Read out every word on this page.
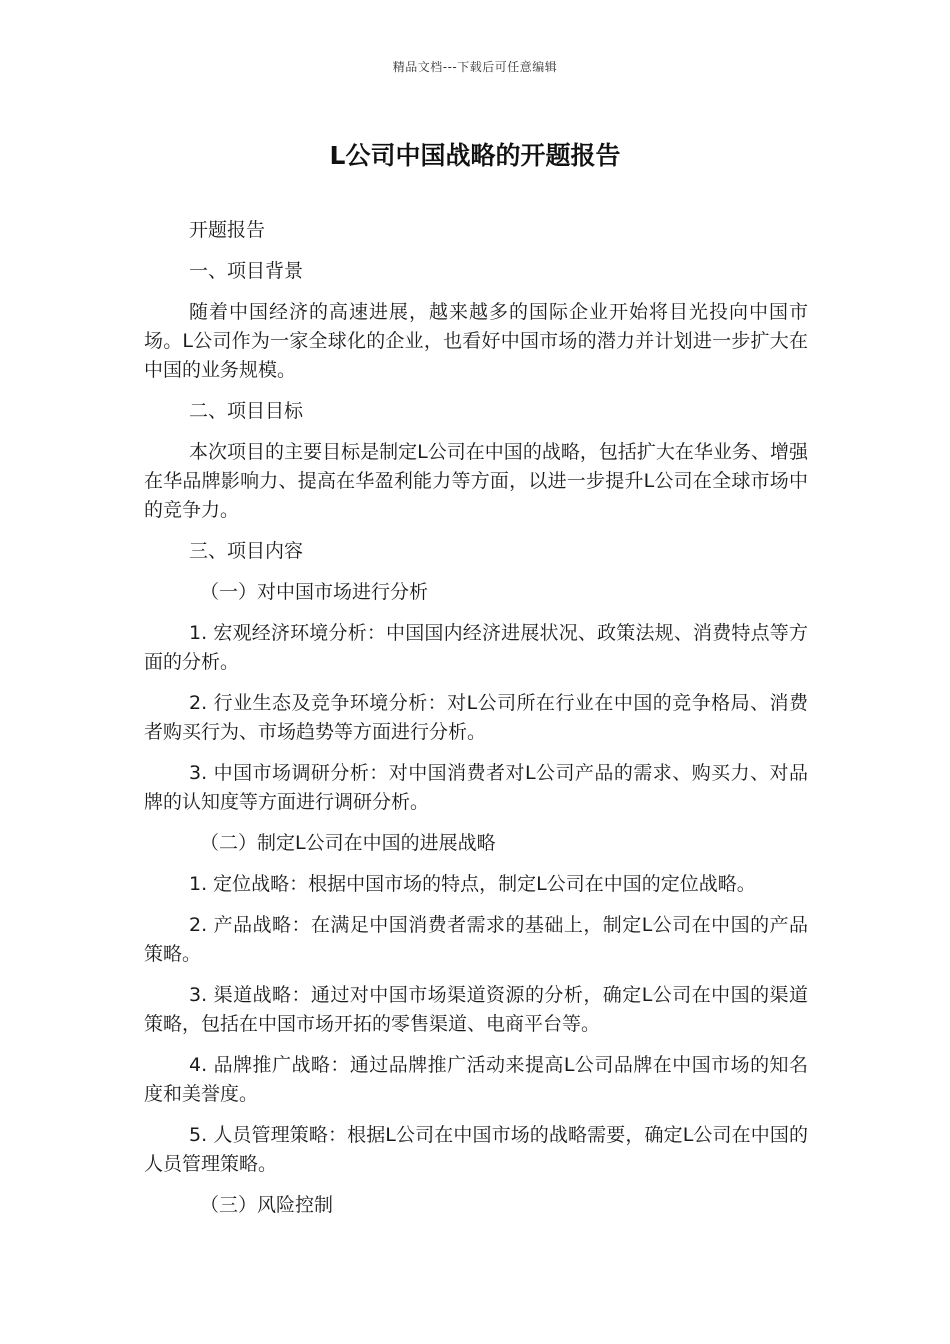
精品文档---下载后可任意编辑
L公司中国战略的开题报告

开题报告

一、项目背景

随着中国经济的高速进展，越来越多的国际企业开始将目光投向中国市场。L公司作为一家全球化的企业，也看好中国市场的潜力并计划进一步扩大在中国的业务规模。

二、项目目标

本次项目的主要目标是制定L公司在中国的战略，包括扩大在华业务、增强在华品牌影响力、提高在华盈利能力等方面，以进一步提升L公司在全球市场中的竞争力。

三、项目内容

（一）对中国市场进行分析

1. 宏观经济环境分析：中国国内经济进展状况、政策法规、消费特点等方面的分析。

2. 行业生态及竞争环境分析：对L公司所在行业在中国的竞争格局、消费者购买行为、市场趋势等方面进行分析。

3. 中国市场调研分析：对中国消费者对L公司产品的需求、购买力、对品牌的认知度等方面进行调研分析。

（二）制定L公司在中国的进展战略

1. 定位战略：根据中国市场的特点，制定L公司在中国的定位战略。

2. 产品战略：在满足中国消费者需求的基础上，制定L公司在中国的产品策略。

3. 渠道战略：通过对中国市场渠道资源的分析，确定L公司在中国的渠道策略，包括在中国市场开拓的零售渠道、电商平台等。

4. 品牌推广战略：通过品牌推广活动来提高L公司品牌在中国市场的知名度和美誉度。

5. 人员管理策略：根据L公司在中国市场的战略需要，确定L公司在中国的人员管理策略。

（三）风险控制
